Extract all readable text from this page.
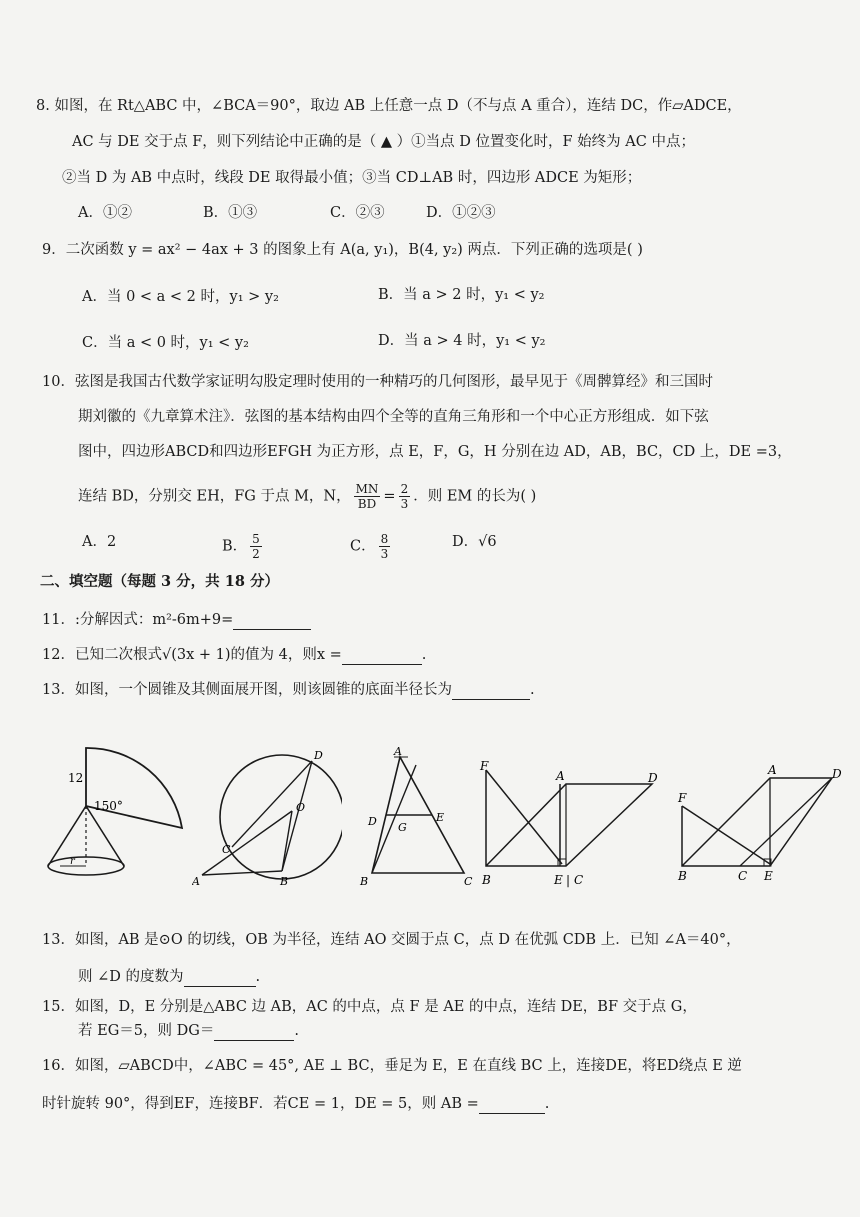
8. 如图，在 Rt△ABC 中，∠BCA＝90°，取边 AB 上任意一点 D（不与点 A 重合），连结 DC，作▱ADCE，
AC 与 DE 交于点 F，则下列结论中正确的是（ ▲ ）①当点 D 位置变化时，F 始终为 AC 中点；
②当 D 为 AB 中点时，线段 DE 取得最小值；③当 CD⊥AB 时，四边形 ADCE 为矩形；
A．①②	B．①③	C．②③	D．①②③
9．二次函数 y = ax² − 4ax + 3 的图象上有 A(a, y₁)，B(4, y₂) 两点．下列正确的选项是( )
A．当 0 < a < 2 时，y₁ > y₂	B．当 a > 2 时，y₁ < y₂
C．当 a < 0 时，y₁ < y₂	D．当 a > 4 时，y₁ < y₂
10．弦图是我国古代数学家证明勾股定理时使用的一种精巧的几何图形，最早见于《周髀算经》和三国时
期刘徽的《九章算术注》．弦图的基本结构由四个全等的直角三角形和一个中心正方形组成．如下弦
图中，四边形ABCD和四边形EFGH 为正方形，点 E，F，G，H 分别在边 AD，AB，BC，CD 上，DE =3，
连结 BD，分别交 EH，FG 于点 M，N， $\frac{MN}{BD} = \frac{2}{3}$ ．则 EM 的长为( )
A．2	B． $\frac{5}{2}$	C． $\frac{8}{3}$	D．√6
二、填空题（每题 3 分，共 18 分）
11．:分解因式：m²-6m+9=
12．已知二次根式√(3x + 1)的值为 4，则x =	.
13．如图，一个圆锥及其侧面展开图，则该圆锥的底面半径长为	.
12
150°
r
A	B
C
D
O
A
B	C
D	E
G
F
A	D
B	E | C
F
A	D
B	C E
13．如图，AB 是⊙O 的切线，OB 为半径，连结 AO 交圆于点 C，点 D 在优弧 CDB 上．已知 ∠A＝40°，
则 ∠D 的度数为	.
15．如图，D，E 分别是△ABC 边 AB，AC 的中点，点 F 是 AE 的中点，连结 DE，BF 交于点 G，
若 EG＝5，则 DG＝	.
16．如图，▱ABCD中，∠ABC = 45°, AE ⊥ BC，垂足为 E，E 在直线 BC 上，连接DE，将ED绕点 E 逆
时针旋转 90°，得到EF，连接BF．若CE = 1，DE = 5，则 AB =	.
